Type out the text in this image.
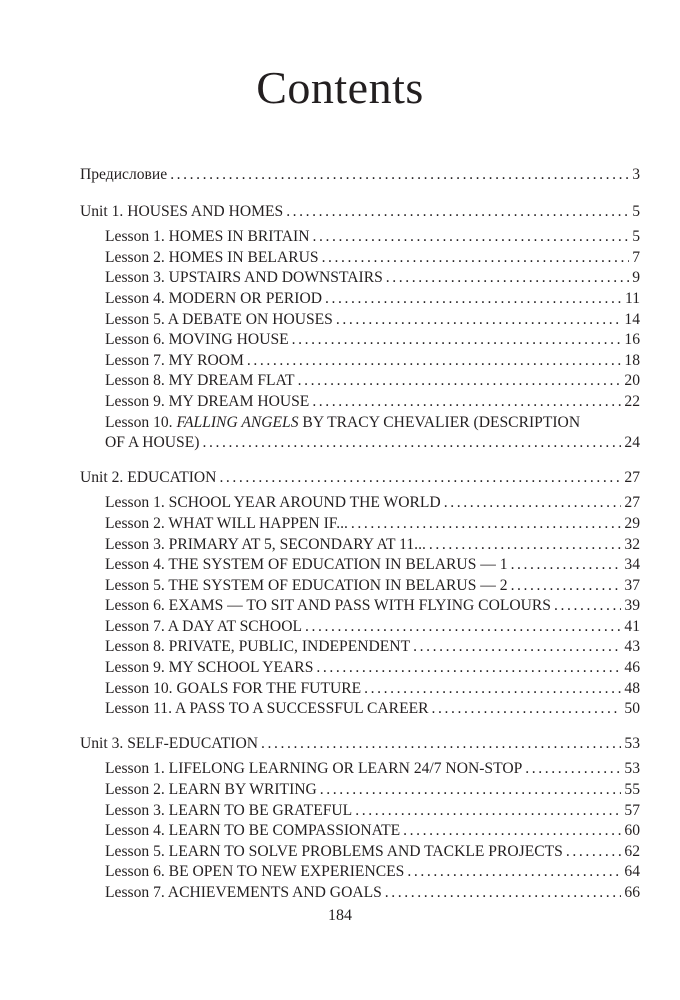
Contents
Предисловие .....	3
Unit 1. HOUSES AND HOMES .....	5
Lesson 1. HOMES IN BRITAIN .....	5
Lesson 2. HOMES IN BELARUS .....	7
Lesson 3. UPSTAIRS AND DOWNSTAIRS .....	9
Lesson 4. MODERN OR PERIOD .....	11
Lesson 5. A DEBATE ON HOUSES .....	14
Lesson 6. MOVING HOUSE .....	16
Lesson 7. MY ROOM .....	18
Lesson 8. MY DREAM FLAT .....	20
Lesson 9. MY DREAM HOUSE .....	22
Lesson 10. FALLING ANGELS BY TRACY CHEVALIER (DESCRIPTION
OF A HOUSE) .....	24
Unit 2. EDUCATION .....	27
Lesson 1. SCHOOL YEAR AROUND THE WORLD .....	27
Lesson 2. WHAT WILL HAPPEN IF... .....	29
Lesson 3. PRIMARY AT 5, SECONDARY AT 11... .....	32
Lesson 4. THE SYSTEM OF EDUCATION IN BELARUS — 1 .....	34
Lesson 5. THE SYSTEM OF EDUCATION IN BELARUS — 2 .....	37
Lesson 6. EXAMS — TO SIT AND PASS WITH FLYING COLOURS .....	39
Lesson 7. A DAY AT SCHOOL .....	41
Lesson 8. PRIVATE, PUBLIC, INDEPENDENT .....	43
Lesson 9. MY SCHOOL YEARS .....	46
Lesson 10. GOALS FOR THE FUTURE .....	48
Lesson 11. A PASS TO A SUCCESSFUL CAREER .....	50
Unit 3. SELF-EDUCATION .....	53
Lesson 1. LIFELONG LEARNING OR LEARN 24/7 NON-STOP .....	53
Lesson 2. LEARN BY WRITING .....	55
Lesson 3. LEARN TO BE GRATEFUL .....	57
Lesson 4. LEARN TO BE COMPASSIONATE .....	60
Lesson 5. LEARN TO SOLVE PROBLEMS AND TACKLE PROJECTS .....	62
Lesson 6. BE OPEN TO NEW EXPERIENCES .....	64
Lesson 7. ACHIEVEMENTS AND GOALS .....	66
184
